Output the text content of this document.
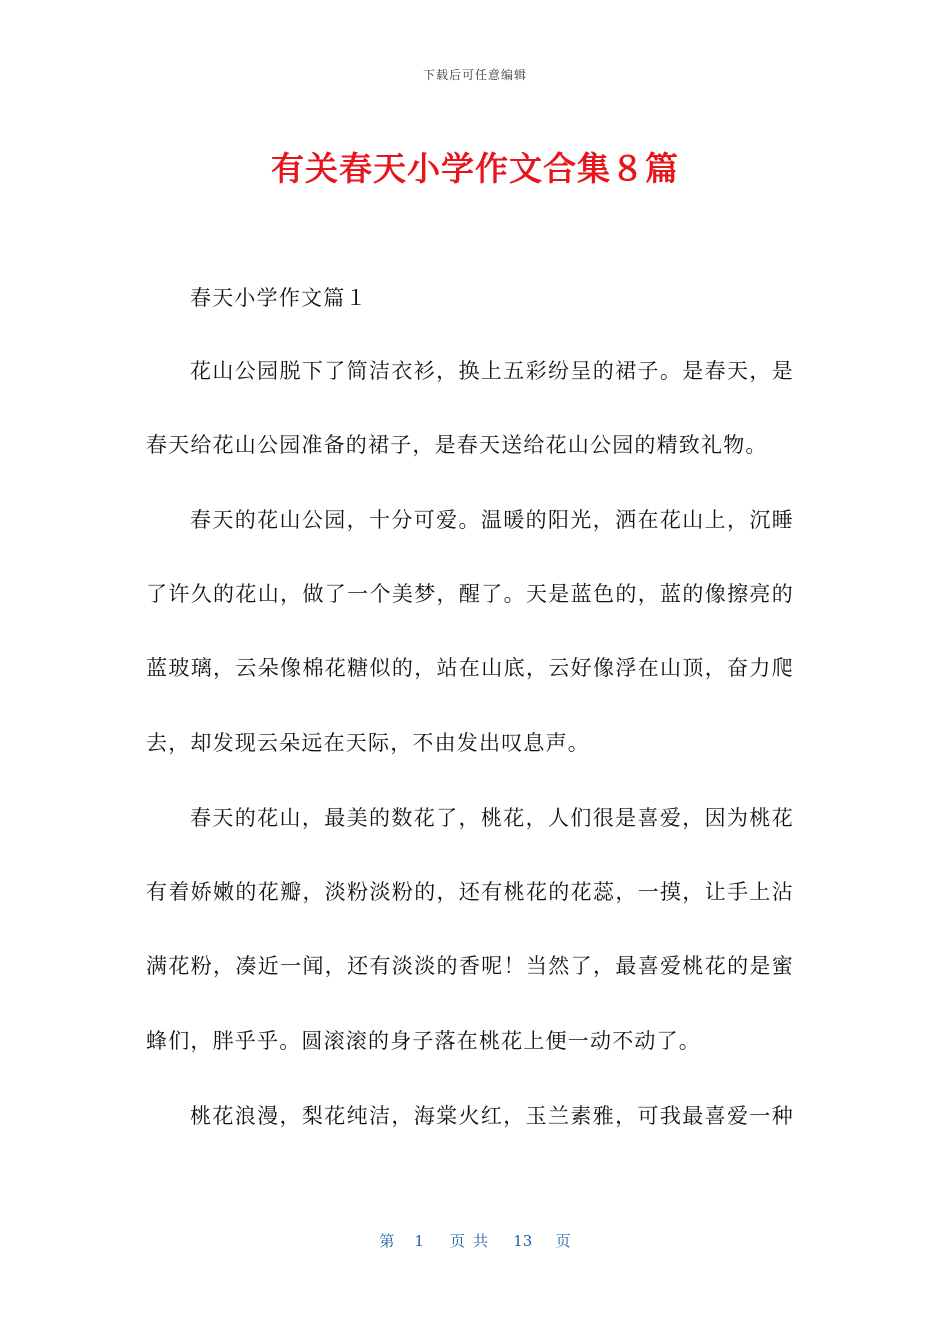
下载后可任意编辑
有关春天小学作文合集８篇
春天小学作文篇１
花山公园脱下了简洁衣衫，换上五彩纷呈的裙子。是春天，是
春天给花山公园准备的裙子，是春天送给花山公园的精致礼物。
春天的花山公园，十分可爱。温暖的阳光，洒在花山上，沉睡
了许久的花山，做了一个美梦，醒了。天是蓝色的，蓝的像擦亮的
蓝玻璃，云朵像棉花糖似的，站在山底，云好像浮在山顶，奋力爬
去，却发现云朵远在天际，不由发出叹息声。
春天的花山，最美的数花了，桃花，人们很是喜爱，因为桃花
有着娇嫩的花瓣，淡粉淡粉的，还有桃花的花蕊，一摸，让手上沾
满花粉，凑近一闻，还有淡淡的香呢！当然了，最喜爱桃花的是蜜
蜂们，胖乎乎。圆滚滚的身子落在桃花上便一动不动了。
桃花浪漫，梨花纯洁，海棠火红，玉兰素雅，可我最喜爱一种
第 1 页共 13 页
